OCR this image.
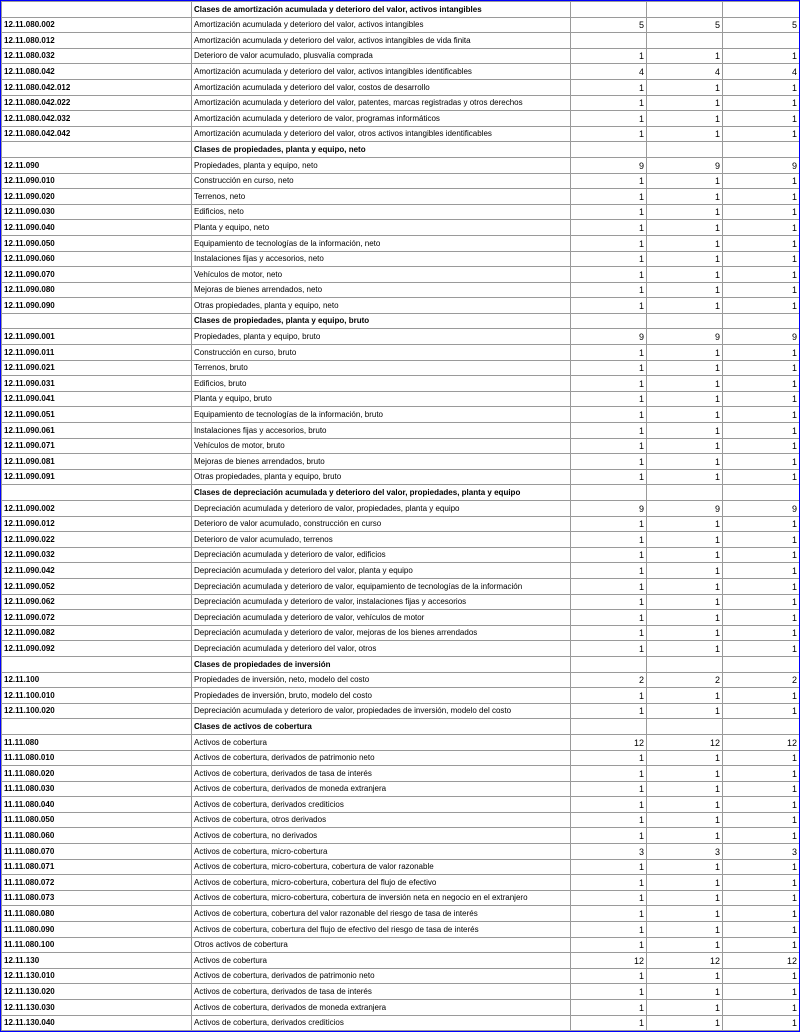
	Clases de amortización acumulada y deterioro del valor, activos intangibles			
12.11.080.002	Amortización acumulada y deterioro del valor, activos intangibles	5	5	5
12.11.080.012	Amortización acumulada y deterioro del valor, activos intangibles de vida finita			
12.11.080.032	Deterioro de valor acumulado, plusvalía comprada	1	1	1
12.11.080.042	Amortización acumulada y deterioro del valor, activos intangibles identificables	4	4	4
12.11.080.042.012	Amortización acumulada y deterioro del valor, costos de desarrollo	1	1	1
12.11.080.042.022	Amortización acumulada y deterioro del valor, patentes, marcas registradas y otros derechos	1	1	1
12.11.080.042.032	Amortización acumulada y deterioro de valor, programas informáticos	1	1	1
12.11.080.042.042	Amortización acumulada y deterioro del valor, otros activos intangibles identificables	1	1	1
	Clases de propiedades, planta y equipo, neto			
12.11.090	Propiedades, planta y equipo, neto	9	9	9
12.11.090.010	Construcción en curso, neto	1	1	1
12.11.090.020	Terrenos, neto	1	1	1
12.11.090.030	Edificios, neto	1	1	1
12.11.090.040	Planta y equipo, neto	1	1	1
12.11.090.050	Equipamiento de tecnologías de la información, neto	1	1	1
12.11.090.060	Instalaciones fijas y accesorios, neto	1	1	1
12.11.090.070	Vehículos de motor, neto	1	1	1
12.11.090.080	Mejoras de bienes arrendados, neto	1	1	1
12.11.090.090	Otras propiedades, planta y equipo, neto	1	1	1
	Clases de propiedades, planta y equipo, bruto			
12.11.090.001	Propiedades, planta y equipo, bruto	9	9	9
12.11.090.011	Construcción en curso, bruto	1	1	1
12.11.090.021	Terrenos, bruto	1	1	1
12.11.090.031	Edificios, bruto	1	1	1
12.11.090.041	Planta y equipo, bruto	1	1	1
12.11.090.051	Equipamiento de tecnologías de la información, bruto	1	1	1
12.11.090.061	Instalaciones fijas y accesorios, bruto	1	1	1
12.11.090.071	Vehículos de motor, bruto	1	1	1
12.11.090.081	Mejoras de bienes arrendados, bruto	1	1	1
12.11.090.091	Otras propiedades, planta y equipo, bruto	1	1	1
	Clases de depreciación acumulada y deterioro del valor, propiedades, planta y equipo			
12.11.090.002	Depreciación acumulada y deterioro de valor, propiedades, planta y equipo	9	9	9
12.11.090.012	Deterioro de valor acumulado, construcción en curso	1	1	1
12.11.090.022	Deterioro de valor acumulado, terrenos	1	1	1
12.11.090.032	Depreciación acumulada y deterioro de valor, edificios	1	1	1
12.11.090.042	Depreciación acumulada y deterioro del valor, planta y equipo	1	1	1
12.11.090.052	Depreciación acumulada y deterioro de valor, equipamiento de tecnologías de la información	1	1	1
12.11.090.062	Depreciación acumulada y deterioro de valor, instalaciones fijas y accesorios	1	1	1
12.11.090.072	Depreciación acumulada y deterioro de valor, vehículos de motor	1	1	1
12.11.090.082	Depreciación acumulada y deterioro de valor, mejoras de los bienes arrendados	1	1	1
12.11.090.092	Depreciación acumulada y deterioro del valor, otros	1	1	1
	Clases de propiedades de inversión			
12.11.100	Propiedades de inversión, neto, modelo del costo	2	2	2
12.11.100.010	Propiedades de inversión, bruto, modelo del costo	1	1	1
12.11.100.020	Depreciación acumulada y deterioro de valor, propiedades de inversión, modelo del costo	1	1	1
	Clases de activos de cobertura			
11.11.080	Activos de cobertura	12	12	12
11.11.080.010	Activos de cobertura, derivados de patrimonio neto	1	1	1
11.11.080.020	Activos de cobertura, derivados de tasa de interés	1	1	1
11.11.080.030	Activos de cobertura, derivados de moneda extranjera	1	1	1
11.11.080.040	Activos de cobertura, derivados crediticios	1	1	1
11.11.080.050	Activos de cobertura, otros derivados	1	1	1
11.11.080.060	Activos de cobertura, no derivados	1	1	1
11.11.080.070	Activos de cobertura, micro-cobertura	3	3	3
11.11.080.071	Activos de cobertura, micro-cobertura, cobertura de valor razonable	1	1	1
11.11.080.072	Activos de cobertura, micro-cobertura, cobertura del flujo de efectivo	1	1	1
11.11.080.073	Activos de cobertura, micro-cobertura, cobertura de inversión neta en negocio en el extranjero	1	1	1
11.11.080.080	Activos de cobertura, cobertura del valor razonable del riesgo de tasa de interés	1	1	1
11.11.080.090	Activos de cobertura, cobertura del flujo de efectivo del riesgo de tasa de interés	1	1	1
11.11.080.100	Otros activos de cobertura	1	1	1
12.11.130	Activos de cobertura	12	12	12
12.11.130.010	Activos de cobertura, derivados de patrimonio neto	1	1	1
12.11.130.020	Activos de cobertura, derivados de tasa de interés	1	1	1
12.11.130.030	Activos de cobertura, derivados de moneda extranjera	1	1	1
12.11.130.040	Activos de cobertura, derivados crediticios	1	1	1
